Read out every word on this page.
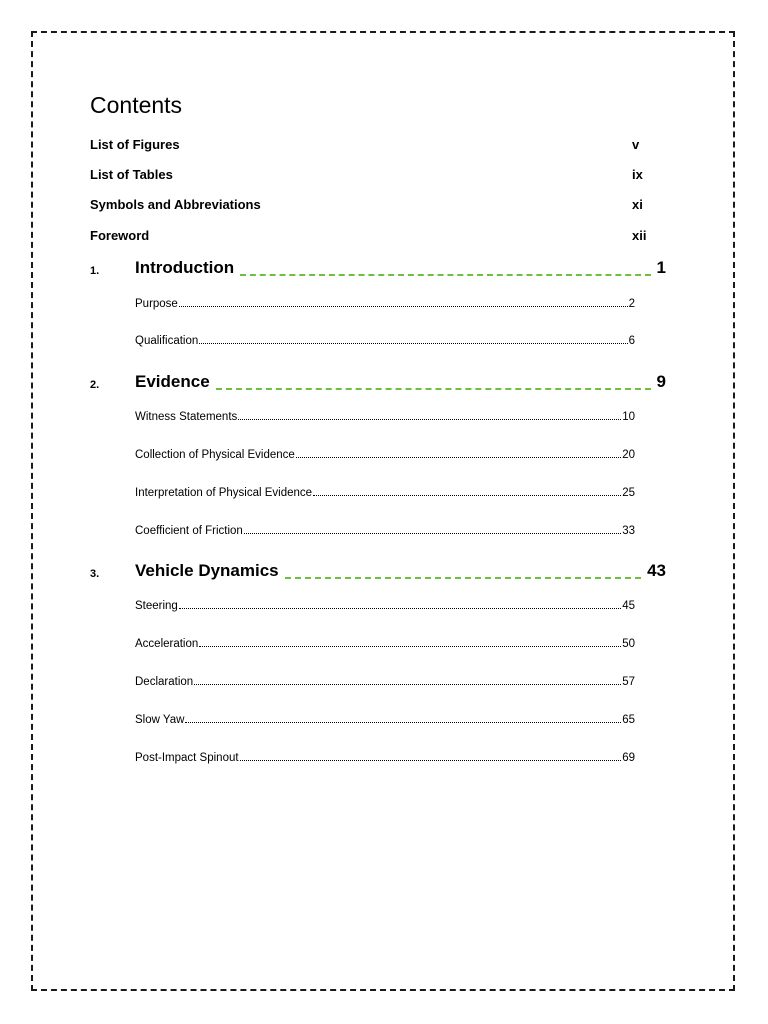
Contents
List of Figures	v
List of Tables	ix
Symbols and Abbreviations	xi
Foreword	xii
1. Introduction	1
Purpose	2
Qualification	6
2. Evidence	9
Witness Statements	10
Collection of Physical Evidence	20
Interpretation of Physical Evidence	25
Coefficient of Friction	33
3. Vehicle Dynamics	43
Steering	45
Acceleration	50
Declaration	57
Slow Yaw	65
Post-Impact Spinout	69
